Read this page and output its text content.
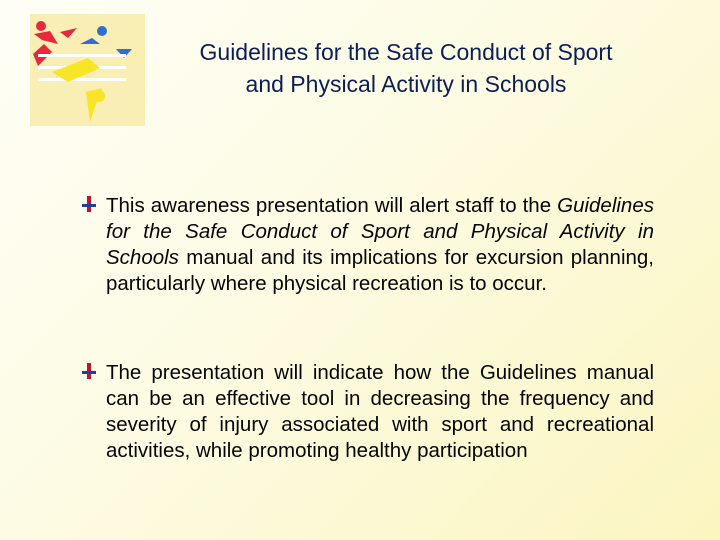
Guidelines for the Safe Conduct of Sport
and Physical Activity in Schools
This awareness presentation will alert staff to the Guidelines for the Safe Conduct of Sport and Physical Activity in Schools manual and its implications for excursion planning, particularly where physical recreation is to occur.
The presentation will indicate how the Guidelines manual can be an effective tool in decreasing the frequency and severity of injury associated with sport and recreational activities, while promoting healthy participation
